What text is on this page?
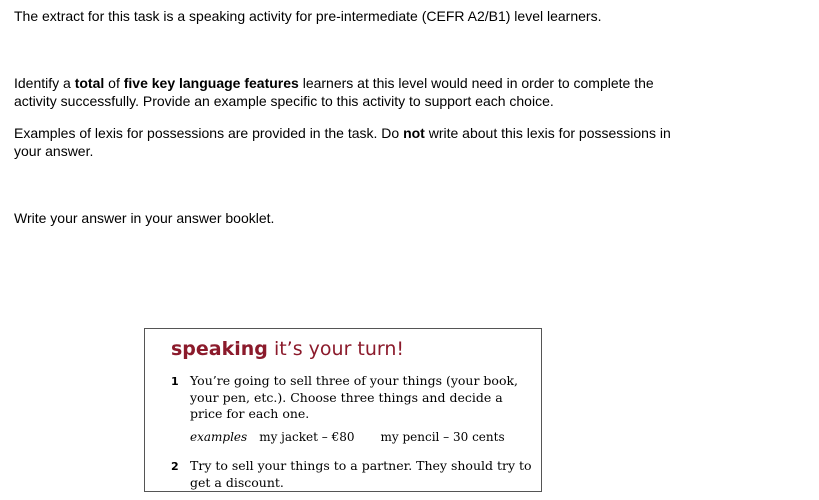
The extract for this task is a speaking activity for pre-intermediate (CEFR A2/B1) level learners.

Identify a total of five key language features learners at this level would need in order to complete the activity successfully. Provide an example specific to this activity to support each choice.

Examples of lexis for possessions are provided in the task. Do not write about this lexis for possessions in your answer.

Write your answer in your answer booklet.

speaking it’s your turn!
1 You’re going to sell three of your things (your book, your pen, etc.). Choose three things and decide a price for each one.
examples my jacket – €80 my pencil – 30 cents
2 Try to sell your things to a partner. They should try to get a discount.
